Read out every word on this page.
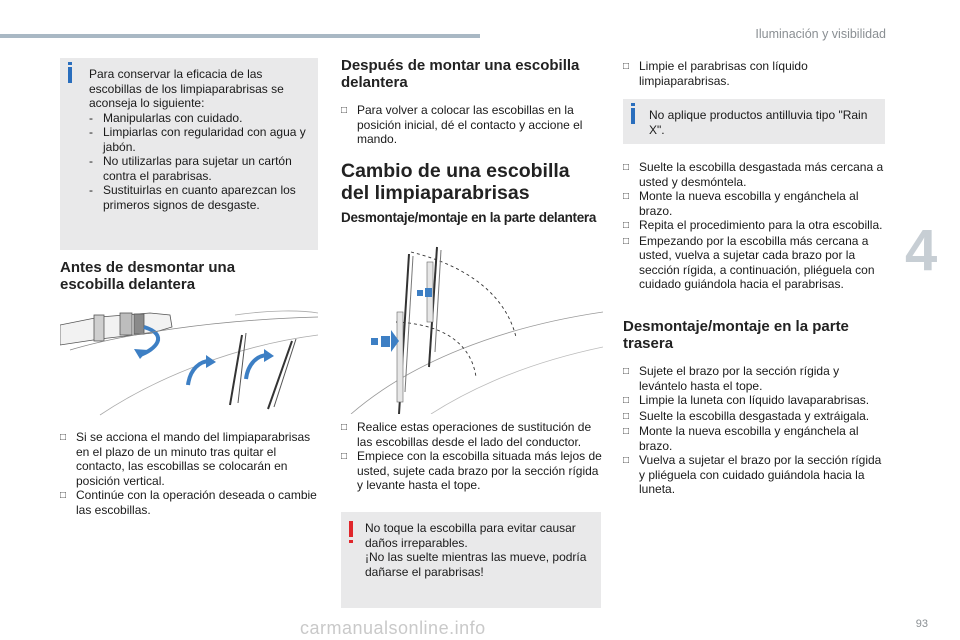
Iluminación y visibilidad
4

Para conservar la eficacia de las escobillas de los limpiaparabrisas se aconseja lo siguiente:

- Manipularlas con cuidado.
- Limpiarlas con regularidad con agua y jabón.
- No utilizarlas para sujetar un cartón contra el parabrisas.
- Sustituirlas en cuanto aparezcan los primeros signos de desgaste.
Antes de desmontar una escobilla delantera
□ Si se acciona el mando del limpiaparabrisas en el plazo de un minuto tras quitar el contacto, las escobillas se colocarán en posición vertical.
□ Continúe con la operación deseada o cambie las escobillas.
Después de montar una escobilla delantera
□ Para volver a colocar las escobillas en la posición inicial, dé el contacto y accione el mando.
Cambio de una escobilla del limpiaparabrisas
Desmontaje/montaje en la parte delantera
□ Realice estas operaciones de sustitución de las escobillas desde el lado del conductor.
□ Empiece con la escobilla situada más lejos de usted, sujete cada brazo por la sección rígida y levante hasta el tope.

No toque la escobilla para evitar causar daños irreparables.

¡No las suelte mientras las mueve, podría dañarse el parabrisas!

□ Limpie el parabrisas con líquido limpiaparabrisas.

No aplique productos antilluvia tipo "Rain X".

□ Suelte la escobilla desgastada más cercana a usted y desmóntela.
□ Monte la nueva escobilla y engánchela al brazo.
□ Repita el procedimiento para la otra escobilla.
□ Empezando por la escobilla más cercana a usted, vuelva a sujetar cada brazo por la sección rígida, a continuación, pliéguela con cuidado guiándola hacia el parabrisas.
Desmontaje/montaje en la parte trasera
□ Sujete el brazo por la sección rígida y levántelo hasta el tope.
□ Limpie la luneta con líquido lavaparabrisas.
□ Suelte la escobilla desgastada y extráigala.
□ Monte la nueva escobilla y engánchela al brazo.
□ Vuelva a sujetar el brazo por la sección rígida y pliéguela con cuidado guiándola hacia la luneta.
carmanualsonline.info	93
